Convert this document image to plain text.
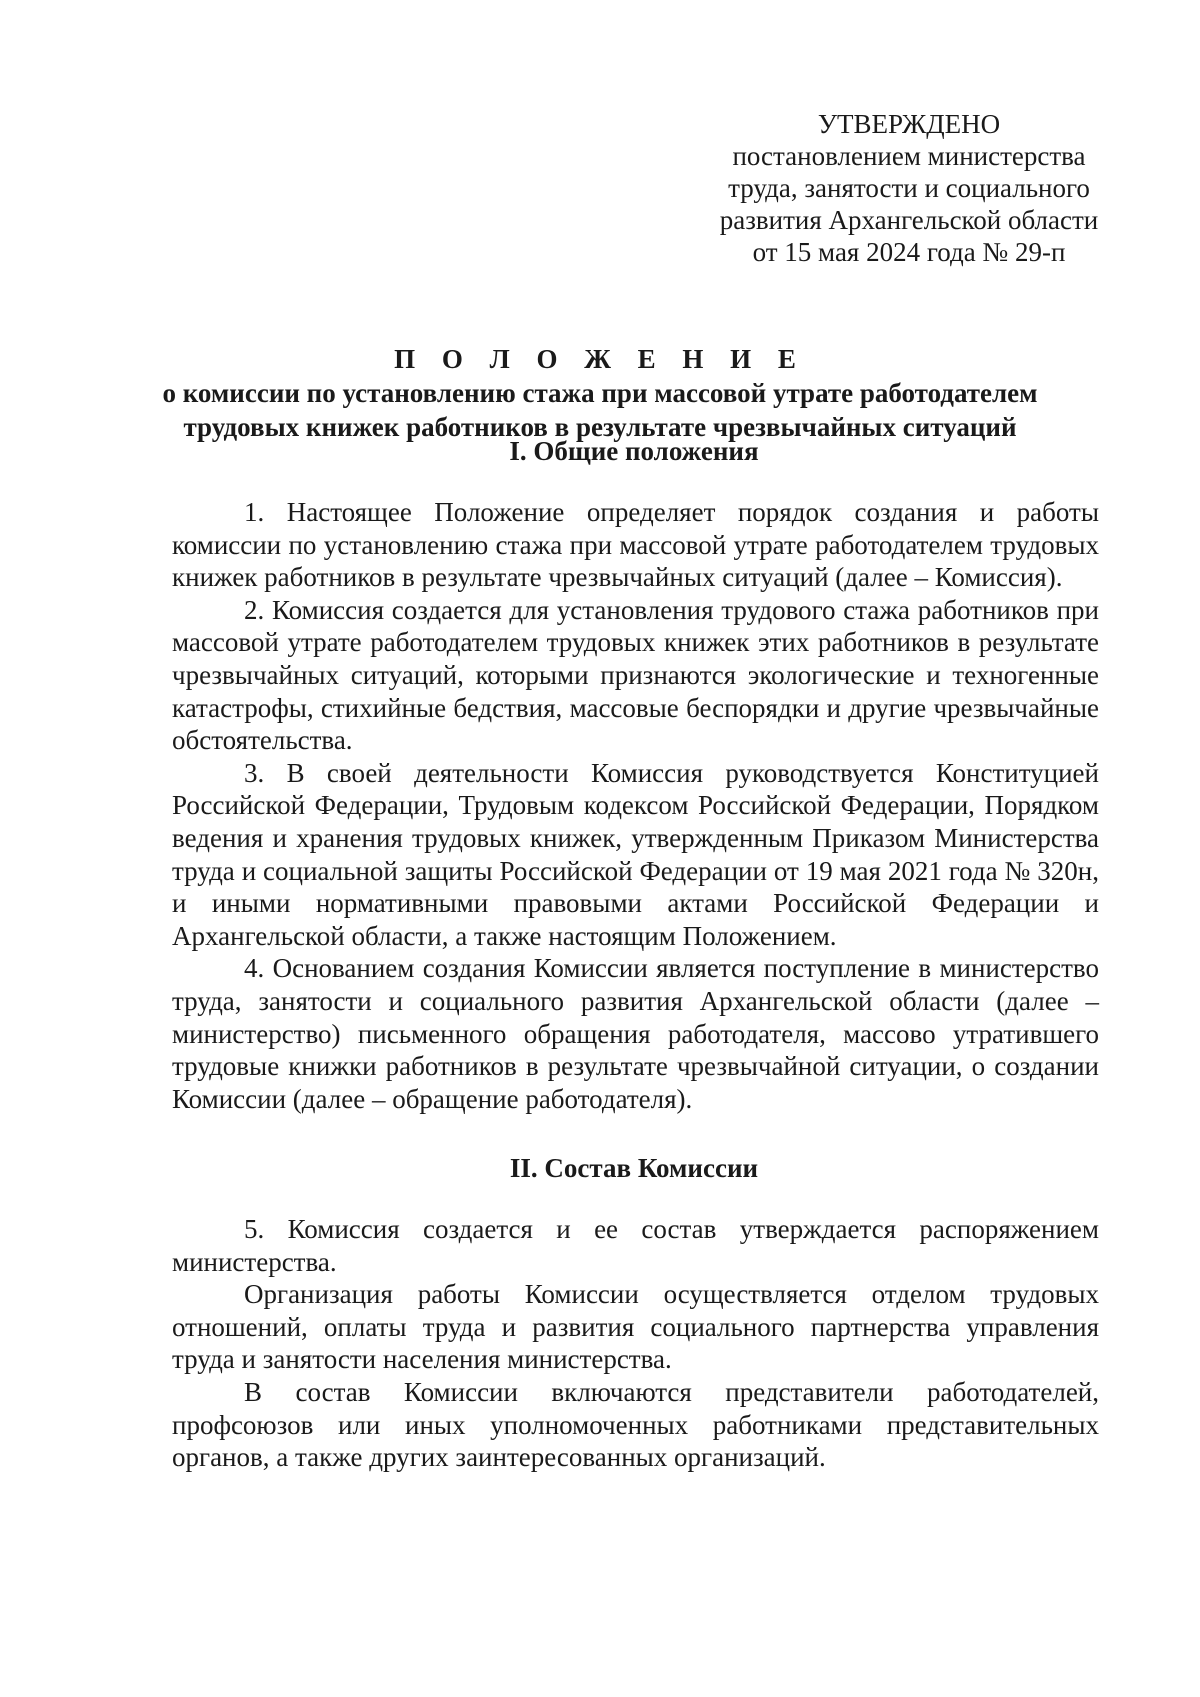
УТВЕРЖДЕНО
постановлением министерства
труда, занятости и социального
развития Архангельской области
от 15 мая 2024 года № 29-п
П О Л О Ж Е Н И Е
о комиссии по установлению стажа при массовой утрате работодателем
трудовых книжек работников в результате чрезвычайных ситуаций
I. Общие положения

1. Настоящее Положение определяет порядок создания и работы комиссии по установлению стажа при массовой утрате работодателем трудовых книжек работников в результате чрезвычайных ситуаций (далее – Комиссия).

2. Комиссия создается для установления трудового стажа работников при массовой утрате работодателем трудовых книжек этих работников в результате чрезвычайных ситуаций, которыми признаются экологические и техногенные катастрофы, стихийные бедствия, массовые беспорядки и другие чрезвычайные обстоятельства.

3. В своей деятельности Комиссия руководствуется Конституцией Российской Федерации, Трудовым кодексом Российской Федерации, Порядком ведения и хранения трудовых книжек, утвержденным Приказом Министерства труда и социальной защиты Российской Федерации от 19 мая 2021 года № 320н, и иными нормативными правовыми актами Российской Федерации и Архангельской области, а также настоящим Положением.

4. Основанием создания Комиссии является поступление в министерство труда, занятости и социального развития Архангельской области (далее – министерство) письменного обращения работодателя, массово утратившего трудовые книжки работников в результате чрезвычайной ситуации, о создании Комиссии (далее – обращение работодателя).

II. Состав Комиссии

5. Комиссия создается и ее состав утверждается распоряжением министерства.

Организация работы Комиссии осуществляется отделом трудовых отношений, оплаты труда и развития социального партнерства управления труда и занятости населения министерства.

В состав Комиссии включаются представители работодателей, профсоюзов или иных уполномоченных работниками представительных органов, а также других заинтересованных организаций.
